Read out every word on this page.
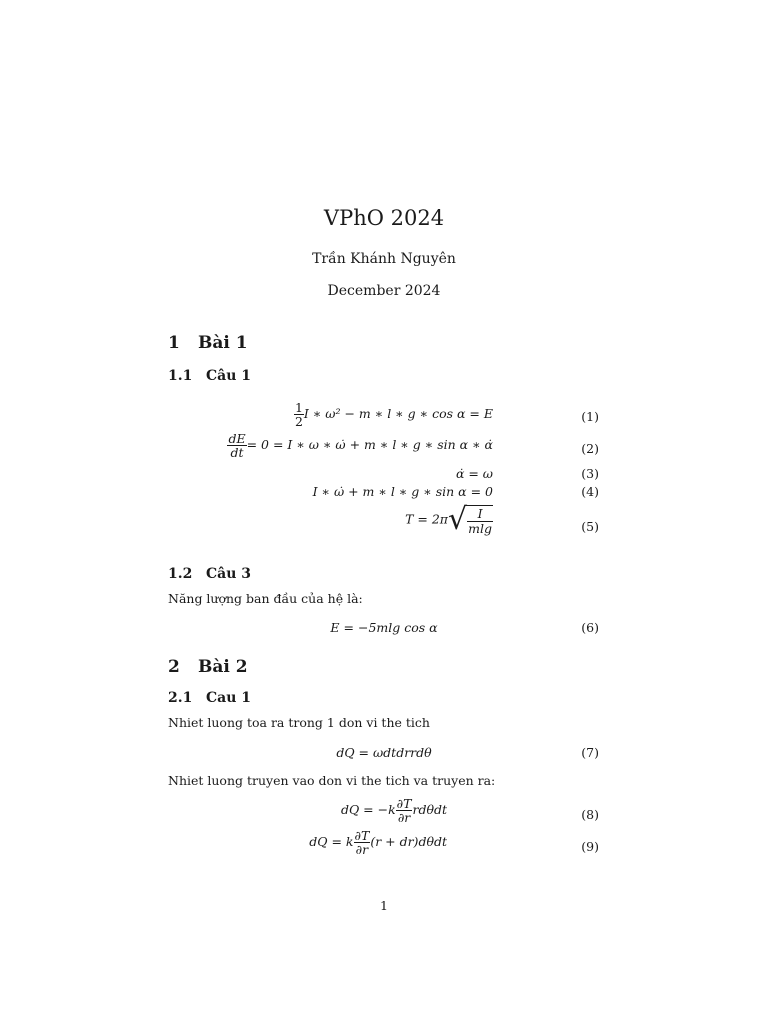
VPhO 2024
Trần Khánh Nguyên
December 2024
1 Bài 1
1.1 Câu 1
$\frac{1}{2}$ I ∗ ω² − m ∗ l ∗ g ∗ cos α = E	(1)
$\frac{dE}{dt} = 0 = I$ ∗ ω ∗ ω̇ + m ∗ l ∗ g ∗ sin α ∗ α̇	(2)
α̇ = ω	(3)
I ∗ ω̇ + m ∗ l ∗ g ∗ sin α = 0	(4)
$T = 2\pi√ \frac{I}{mlg}$	(5)
1.2 Câu 3
Năng lượng ban đầu của hệ là:
E = −5mlg cos α	(6)
2 Bài 2
2.1 Cau 1
Nhiet luong toa ra trong 1 don vi the tich
dQ = ωdtdrrdθ	(7)
Nhiet luong truyen vao don vi the tich va truyen ra:
dQ = $-k \frac{\partial T}{\partial r}$ rdθdt	(8)
dQ = k $\frac{\partial T}{\partial r} (r + dr)d\theta dt$	(9)
1
